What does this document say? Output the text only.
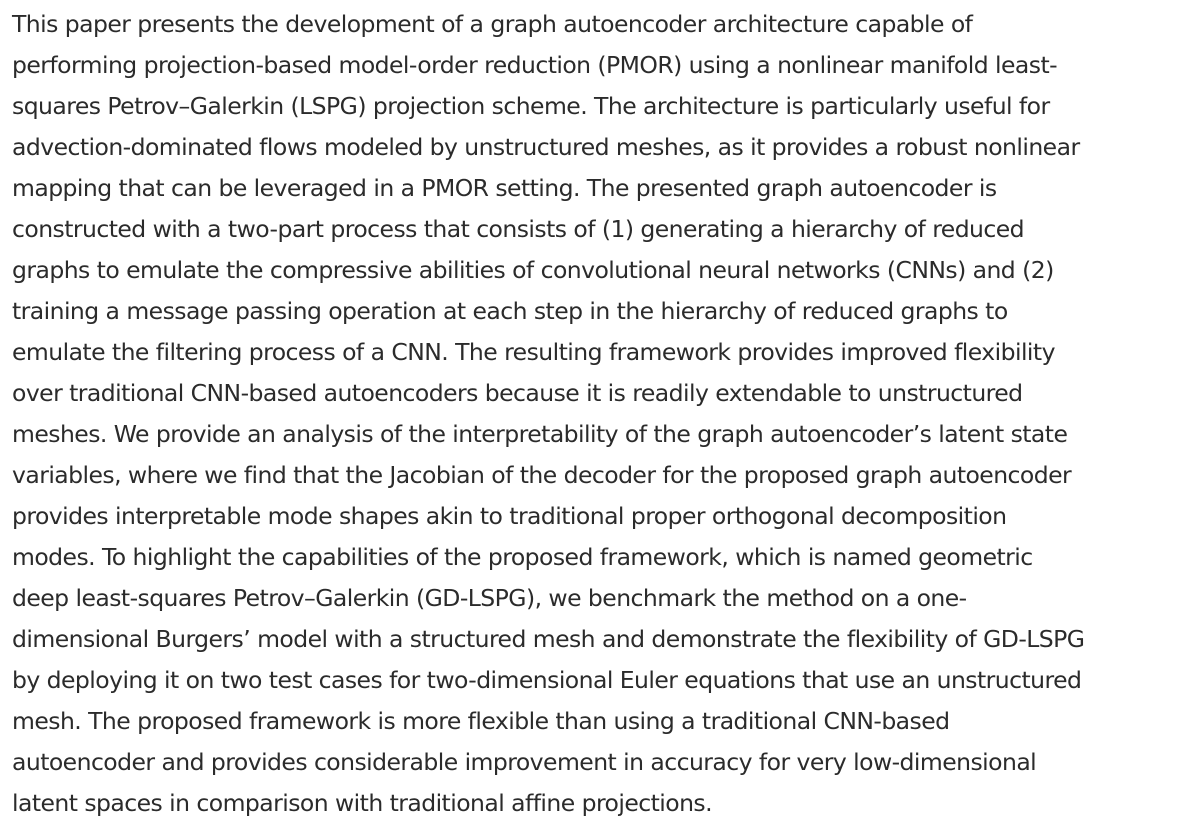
This paper presents the development of a graph autoencoder architecture capable of
performing projection-based model-order reduction (PMOR) using a nonlinear manifold least-
squares Petrov–Galerkin (LSPG) projection scheme. The architecture is particularly useful for
advection-dominated flows modeled by unstructured meshes, as it provides a robust nonlinear
mapping that can be leveraged in a PMOR setting. The presented graph autoencoder is
constructed with a two-part process that consists of (1) generating a hierarchy of reduced
graphs to emulate the compressive abilities of convolutional neural networks (CNNs) and (2)
training a message passing operation at each step in the hierarchy of reduced graphs to
emulate the filtering process of a CNN. The resulting framework provides improved flexibility
over traditional CNN-based autoencoders because it is readily extendable to unstructured
meshes. We provide an analysis of the interpretability of the graph autoencoder’s latent state
variables, where we find that the Jacobian of the decoder for the proposed graph autoencoder
provides interpretable mode shapes akin to traditional proper orthogonal decomposition
modes. To highlight the capabilities of the proposed framework, which is named geometric
deep least-squares Petrov–Galerkin (GD-LSPG), we benchmark the method on a one-
dimensional Burgers’ model with a structured mesh and demonstrate the flexibility of GD-LSPG
by deploying it on two test cases for two-dimensional Euler equations that use an unstructured
mesh. The proposed framework is more flexible than using a traditional CNN-based
autoencoder and provides considerable improvement in accuracy for very low-dimensional
latent spaces in comparison with traditional affine projections.
